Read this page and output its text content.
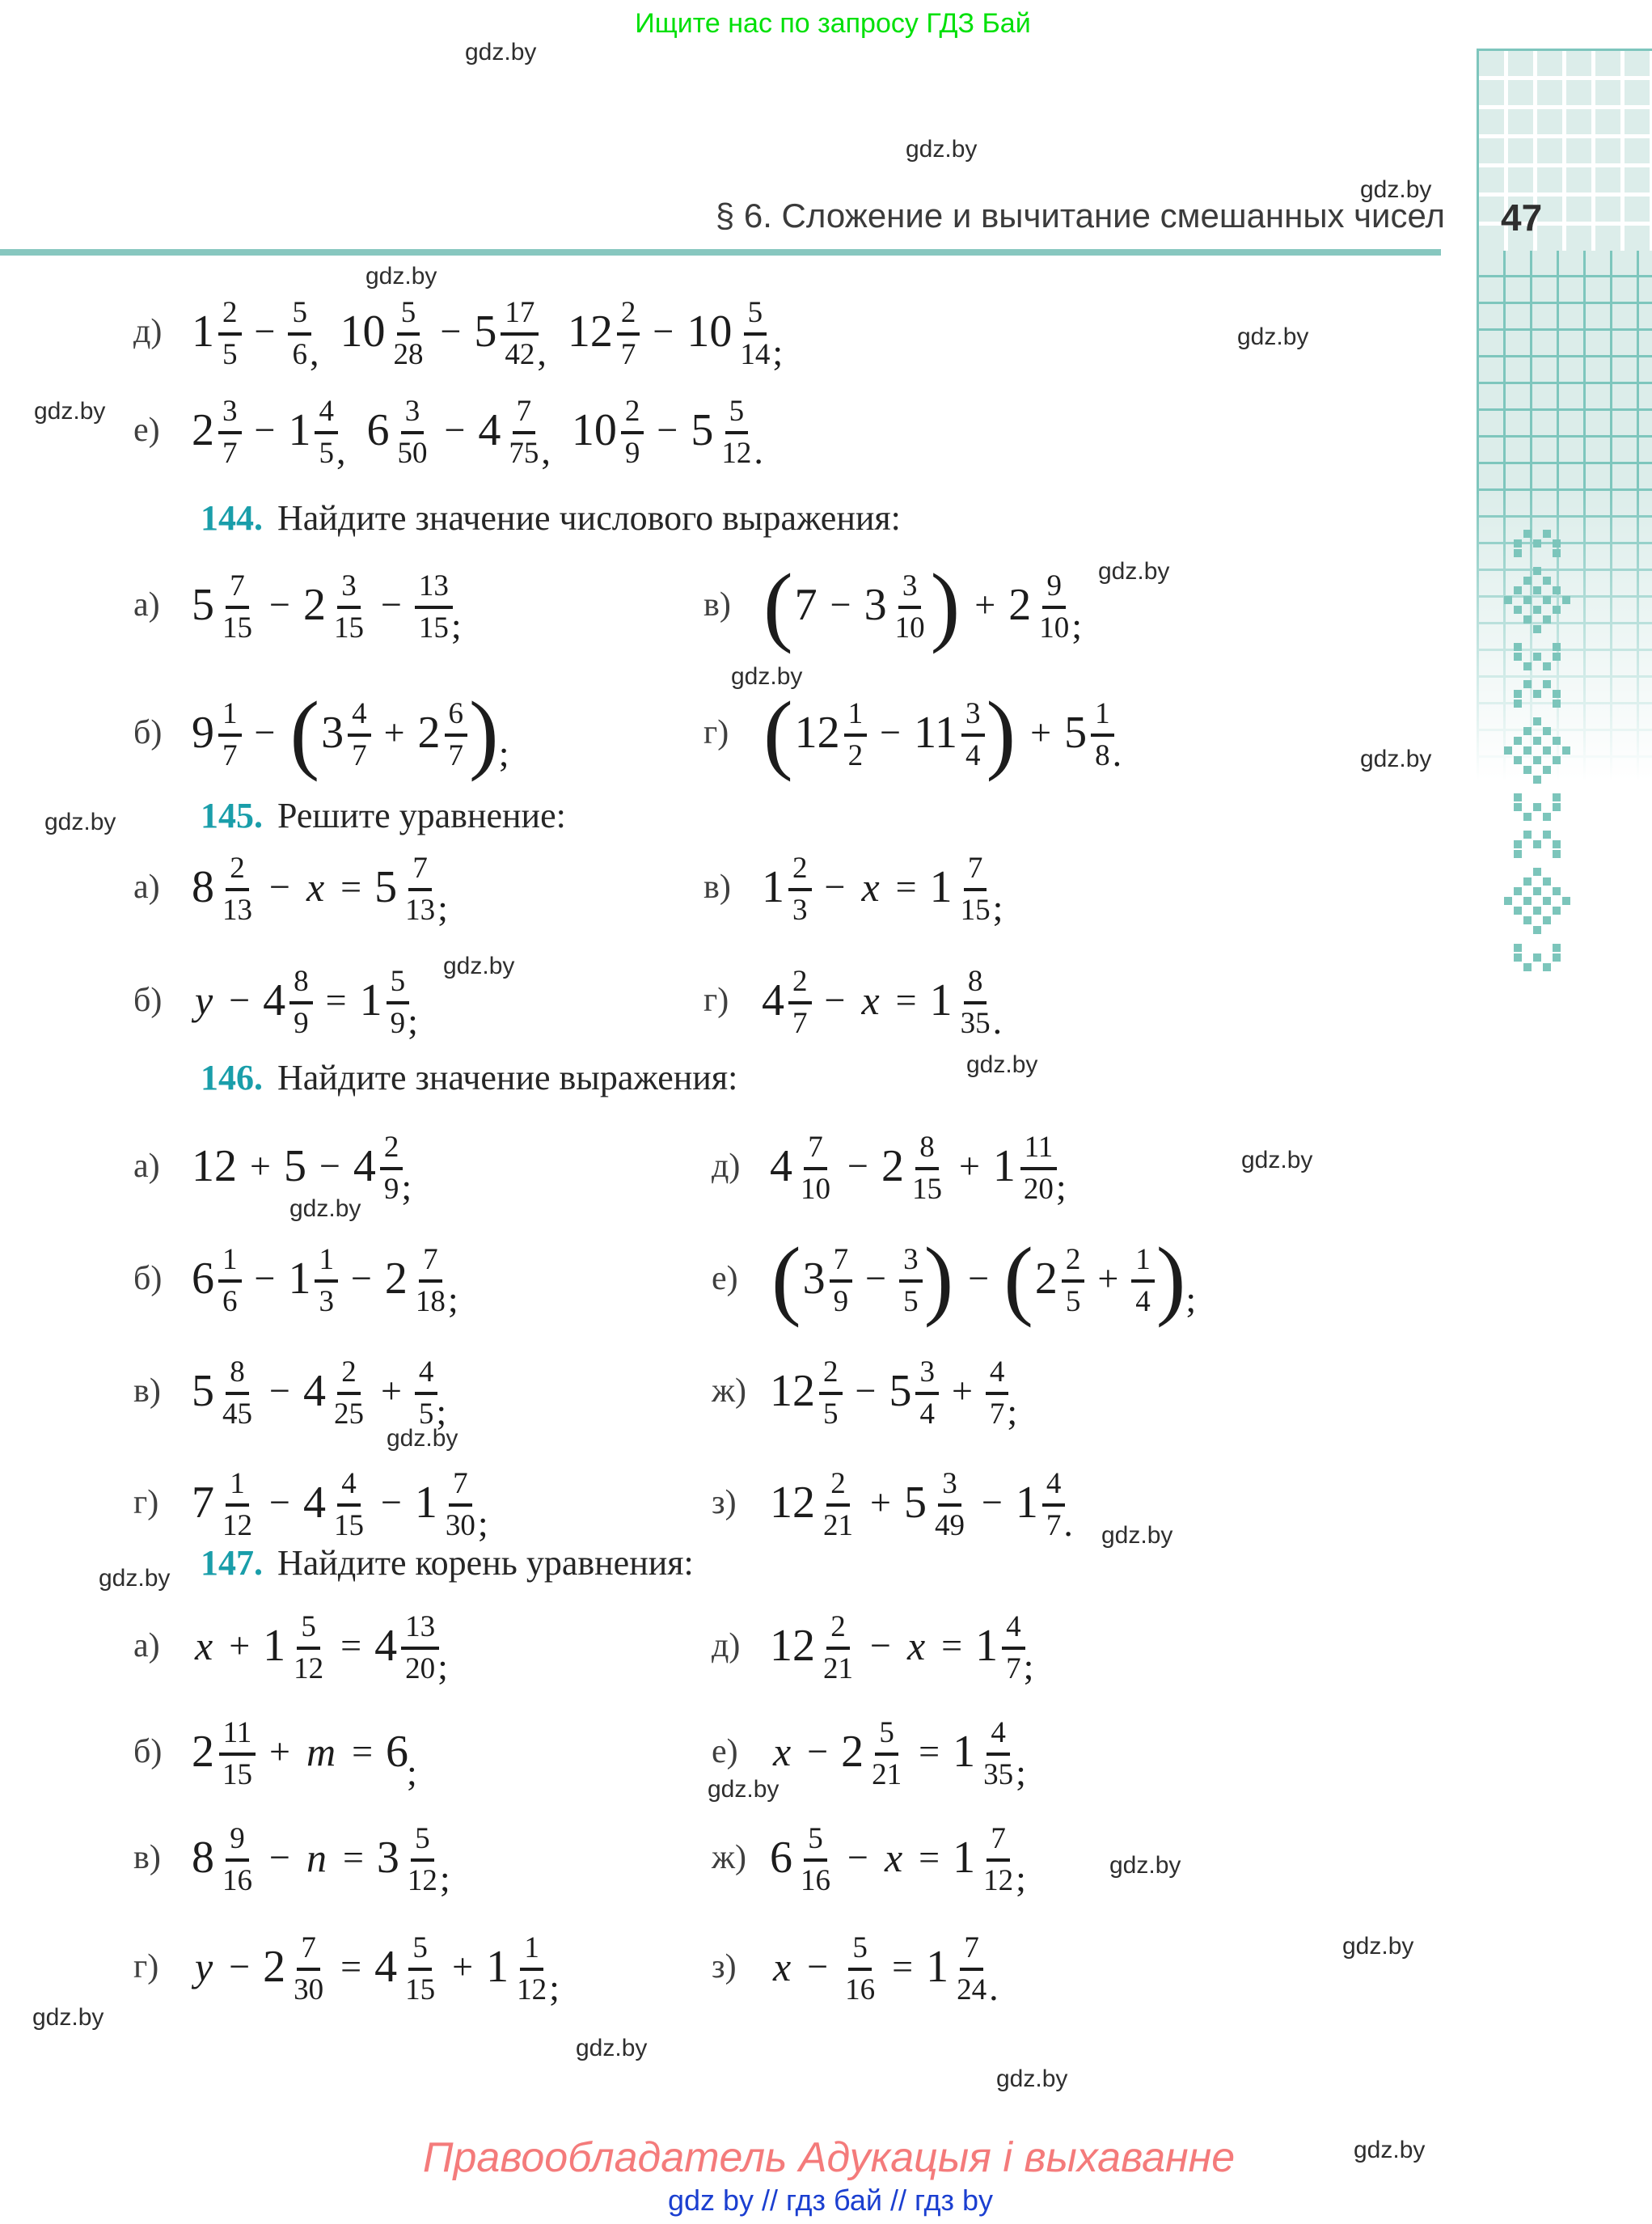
Ищите нас по запросу ГДЗ Бай
gdz.by
gdz.by
gdz.by
gdz.by
gdz.by
gdz.by
gdz.by
gdz.by
gdz.by
gdz.by
gdz.by
gdz.by
gdz.by
gdz.by
gdz.by
gdz.by
gdz.by
gdz.by
gdz.by
gdz.by
gdz.by
gdz.by
gdz.by
gdz.by
§ 6. Сложение и вычитание смешанных чисел 47
д) $1 \frac{2}{5} - \frac{5}{6}$
, $10 \frac{5}{28} - 5 \frac{17}{42}$
, $12 \frac{2}{7} - 10 \frac{5}{14}$
;
е) $2 \frac{3}{7} - 1 \frac{4}{5}$
, $6 \frac{3}{50} - 4 \frac{7}{75}$
, $10 \frac{2}{9} - 5 \frac{5}{12}$
.
144. Найдите значение числового выражения:
а) $5 \frac{7}{15} - 2 \frac{3}{15} - \frac{13}{15}$
;
б) $9 \frac{1}{7}$ − ( $3 \frac{4}{7} + 2 \frac{6}{7}$ ) ;
в) ( $7 - 3 \frac{3}{10}$ ) + $2 \frac{9}{10}$
;
г) ( $12 \frac{1}{2} - 11 \frac{3}{4}$ ) + $5 \frac{1}{8}$
.
145. Решите уравнение:
а) $8 \frac{2}{13} - x = 5 \frac{7}{13}$
;
б) $y - 4 \frac{8}{9} = 1 \frac{5}{9}$
;
в) $1 \frac{2}{3} - x = 1 \frac{7}{15}$
;
г) $4 \frac{2}{7} - x = 1 \frac{8}{35}$
.
146. Найдите значение выражения:
а) $12 + 5 - 4 \frac{2}{9}$
;
б) $6 \frac{1}{6} - 1 \frac{1}{3} - 2 \frac{7}{18}$
;
в) $5 \frac{8}{45} - 4 \frac{2}{25} + \frac{4}{5}$
;
г) $7 \frac{1}{12} - 4 \frac{4}{15} - 1 \frac{7}{30}$
;
д) $4 \frac{7}{10} - 2 \frac{8}{15} + 1 \frac{11}{20}$
;
е) ( $3 \frac{7}{9} - \frac{3}{5}$ ) − ( $2 \frac{2}{5} + \frac{1}{4}$ ) ;
ж) $12 \frac{2}{5} - 5 \frac{3}{4} + \frac{4}{7}$
;
з) $12 \frac{2}{21} + 5 \frac{3}{49} - 1 \frac{4}{7}$
.
147. Найдите корень уравнения:
а) $x + 1 \frac{5}{12} = 4 \frac{13}{20}$
;
б) $2 \frac{11}{15} + m = 6$
;
в) $8 \frac{9}{16} - n = 3 \frac{5}{12}$
;
г) $y - 2 \frac{7}{30} = 4 \frac{5}{15} + 1 \frac{1}{12}$
;
д) $12 \frac{2}{21} - x = 1 \frac{4}{7}$
;
е) $x - 2 \frac{5}{21} = 1 \frac{4}{35}$
;
ж) $6 \frac{5}{16} - x = 1 \frac{7}{12}$
;
з) $x - \frac{5}{16} = 1 \frac{7}{24}$
.
Правообладатель Адукацыя і выхаванне
gdz by // гдз бай // гдз by
